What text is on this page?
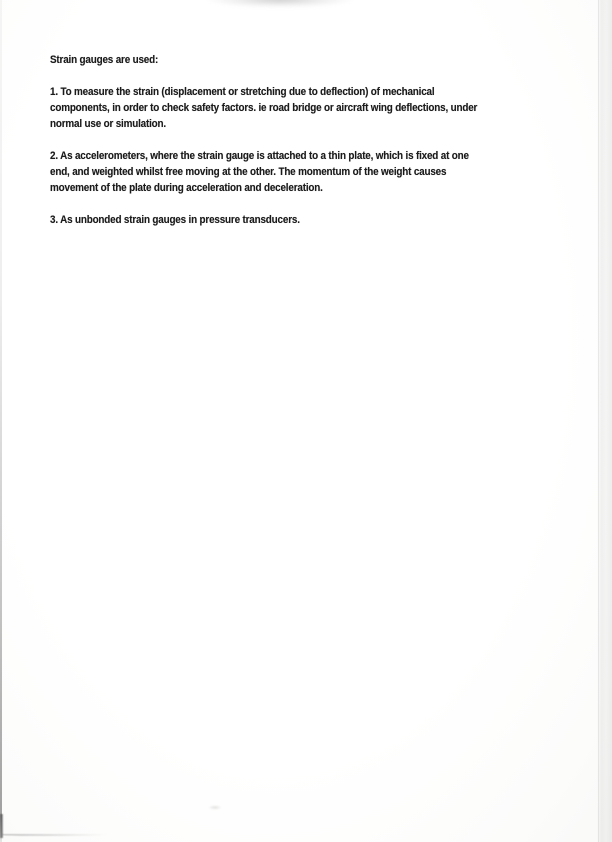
Strain gauges are used:
1. To measure the strain (displacement or stretching due to deflection) of mechanical
components, in order to check safety factors. ie road bridge or aircraft wing deflections, under
normal use or simulation.
2. As accelerometers, where the strain gauge is attached to a thin plate, which is fixed at one
end, and weighted whilst free moving at the other. The momentum of the weight causes
movement of the plate during acceleration and deceleration.
3. As unbonded strain gauges in pressure transducers.
